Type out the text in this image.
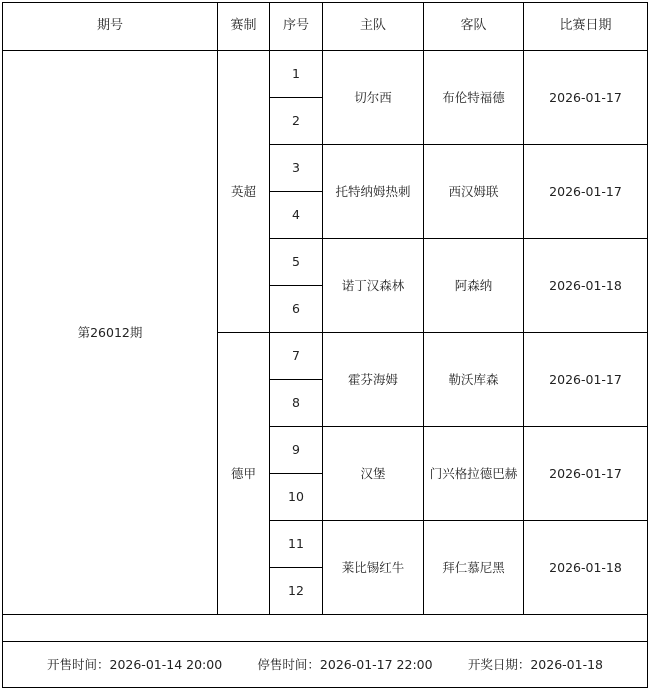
期号	赛制	序号	主队	客队	比赛日期
第26012期	英超	1	切尔西	布伦特福德	2026-01-17
		2			
		3	托特纳姆热刺	西汉姆联	2026-01-17
		4			
		5	诺丁汉森林	阿森纳	2026-01-18
		6			
	德甲	7	霍芬海姆	勒沃库森	2026-01-17
		8			
		9	汉堡	门兴格拉德巴赫	2026-01-17
		10			
		11	莱比锡红牛	拜仁慕尼黑	2026-01-18
		12			

开售时间：2026-01-14 20:00 停售时间：2026-01-17 22:00 开奖日期：2026-01-18					
